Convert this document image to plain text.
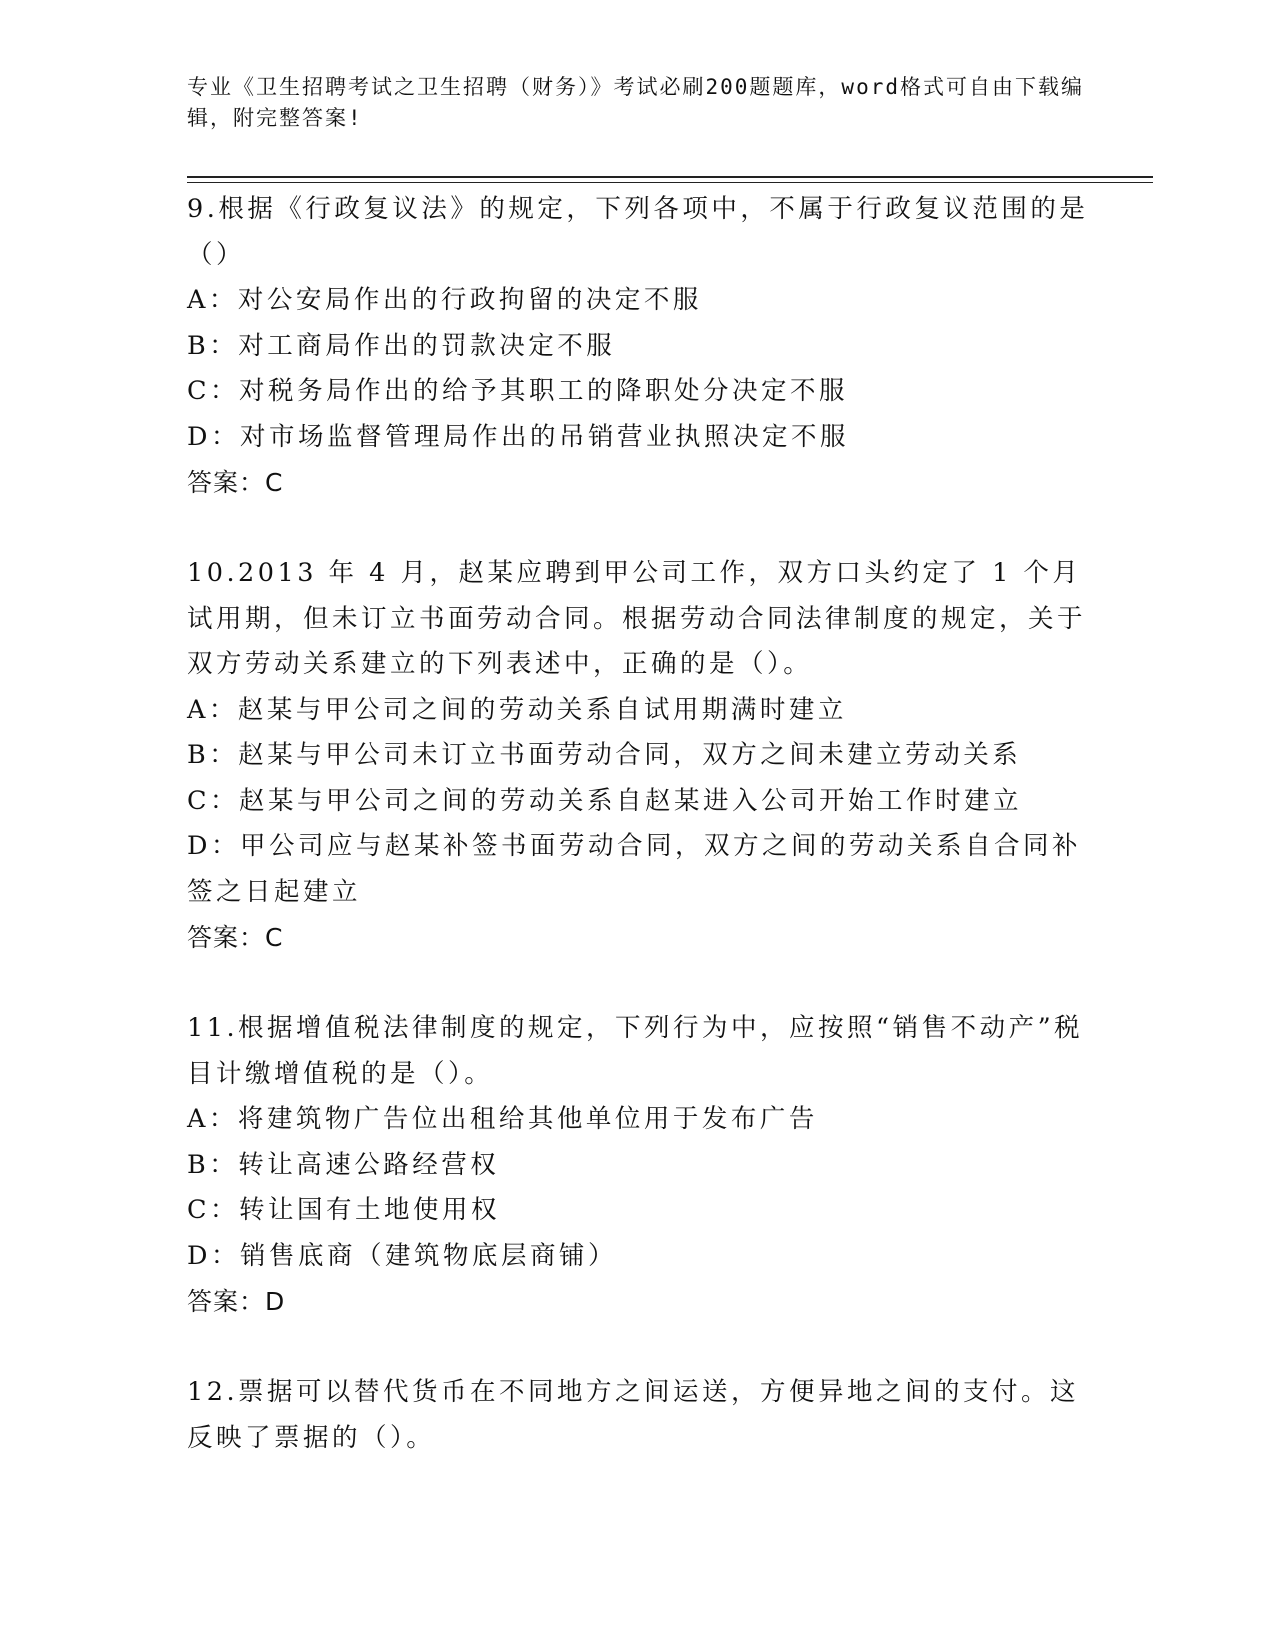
专业《卫生招聘考试之卫生招聘（财务）》考试必刷200题题库，word格式可自由下载编辑，附完整答案!

9.根据《行政复议法》的规定，下列各项中，不属于行政复议范围的是（）

A：对公安局作出的行政拘留的决定不服

B：对工商局作出的罚款决定不服

C：对税务局作出的给予其职工的降职处分决定不服

D：对市场监督管理局作出的吊销营业执照决定不服

答案：C

10.2013 年 4 月，赵某应聘到甲公司工作，双方口头约定了 1 个月试用期，但未订立书面劳动合同。根据劳动合同法律制度的规定，关于双方劳动关系建立的下列表述中，正确的是（）。

A：赵某与甲公司之间的劳动关系自试用期满时建立

B：赵某与甲公司未订立书面劳动合同，双方之间未建立劳动关系

C：赵某与甲公司之间的劳动关系自赵某进入公司开始工作时建立

D：甲公司应与赵某补签书面劳动合同，双方之间的劳动关系自合同补签之日起建立

答案：C

11.根据增值税法律制度的规定，下列行为中，应按照“销售不动产”税目计缴增值税的是（）。

A：将建筑物广告位出租给其他单位用于发布广告

B：转让高速公路经营权

C：转让国有土地使用权

D：销售底商（建筑物底层商铺）

答案：D

12.票据可以替代货币在不同地方之间运送，方便异地之间的支付。这反映了票据的（）。
